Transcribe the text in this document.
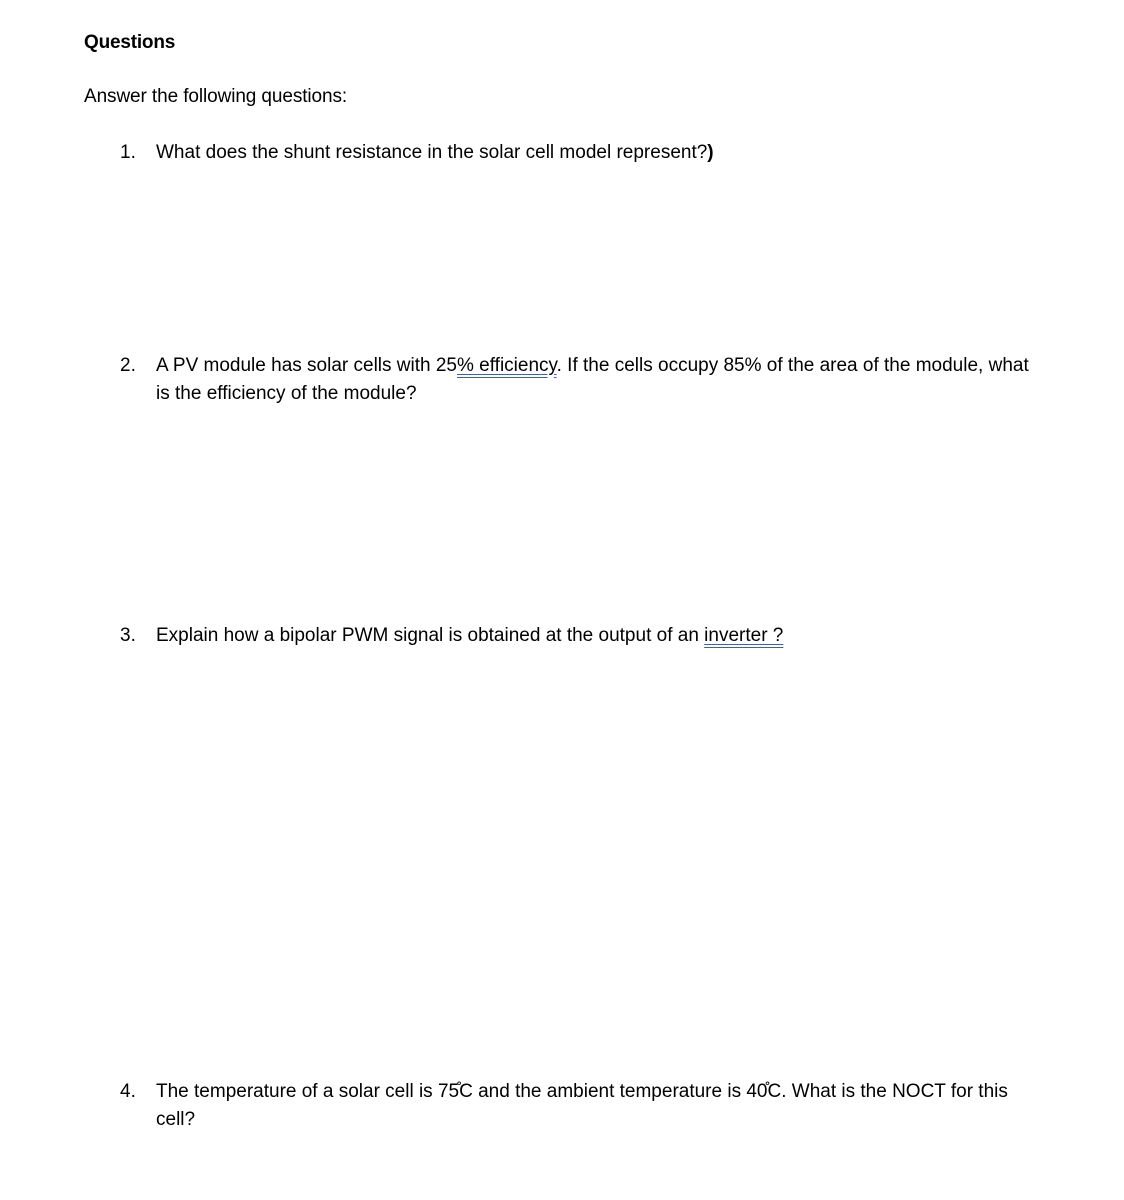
Questions
Answer the following questions:
1. What does the shunt resistance in the solar cell model represent?)
2. A PV module has solar cells with 25% efficiency. If the cells occupy 85% of the area of the module, what is the efficiency of the module?
3. Explain how a bipolar PWM signal is obtained at the output of an inverter ?
4. The temperature of a solar cell is 75̊C and the ambient temperature is 40̊C. What is the NOCT for this cell?
